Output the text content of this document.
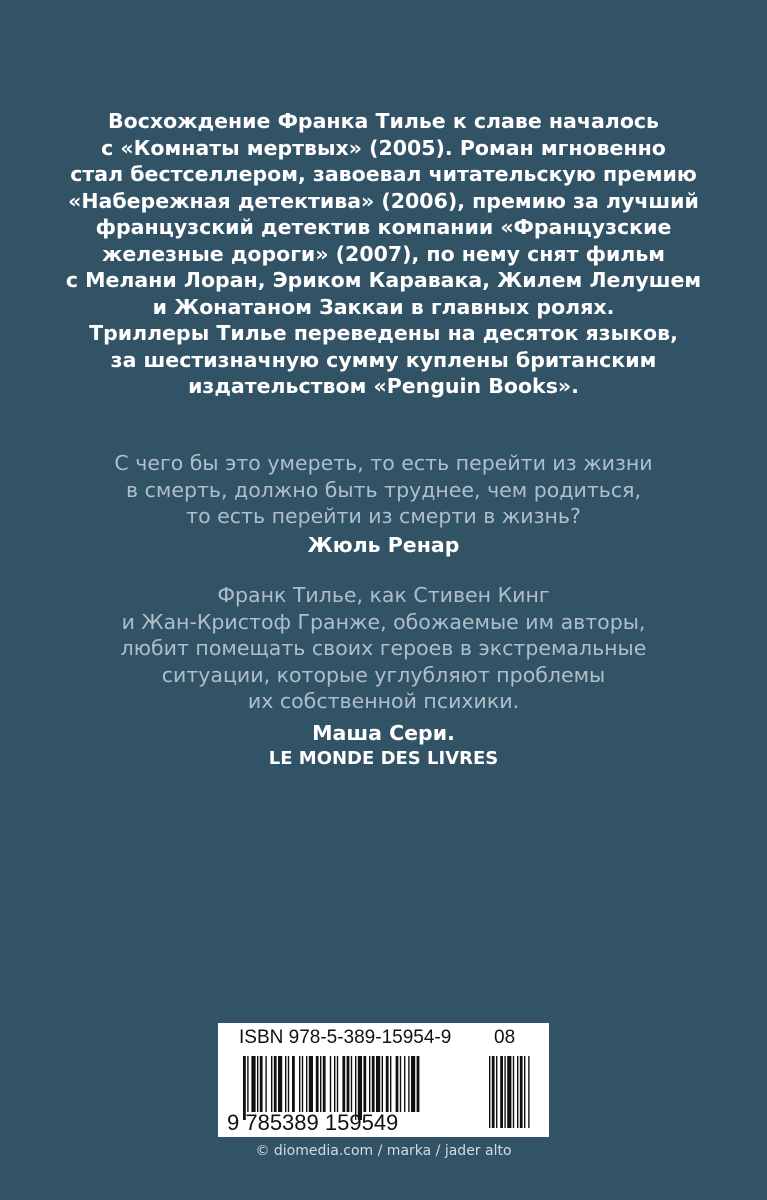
Восхождение Франка Тилье к славе началось
с «Комнаты мертвых» (2005). Роман мгновенно
стал бестселлером, завоевал читательскую премию
«Набережная детектива» (2006), премию за лучший
французский детектив компании «Французские
железные дороги» (2007), по нему снят фильм
с Мелани Лоран, Эриком Каравака, Жилем Лелушем
и Жонатаном Заккаи в главных ролях.
Триллеры Тилье переведены на десяток языков,
за шестизначную сумму куплены британским
издательством «Penguin Books».
С чего бы это умереть, то есть перейти из жизни
в смерть, должно быть труднее, чем родиться,
то есть перейти из смерти в жизнь?
Жюль Ренар
Франк Тилье, как Стивен Кинг
и Жан-Кристоф Гранже, обожаемые им авторы,
любит помещать своих героев в экстремальные
ситуации, которые углубляют проблемы
их собственной психики.
Маша Сери.
LE MONDE DES LIVRES
ISBN 978-5-389-15954-9 08
9 785389 159549
© diomedia.com / marka / jader alto
